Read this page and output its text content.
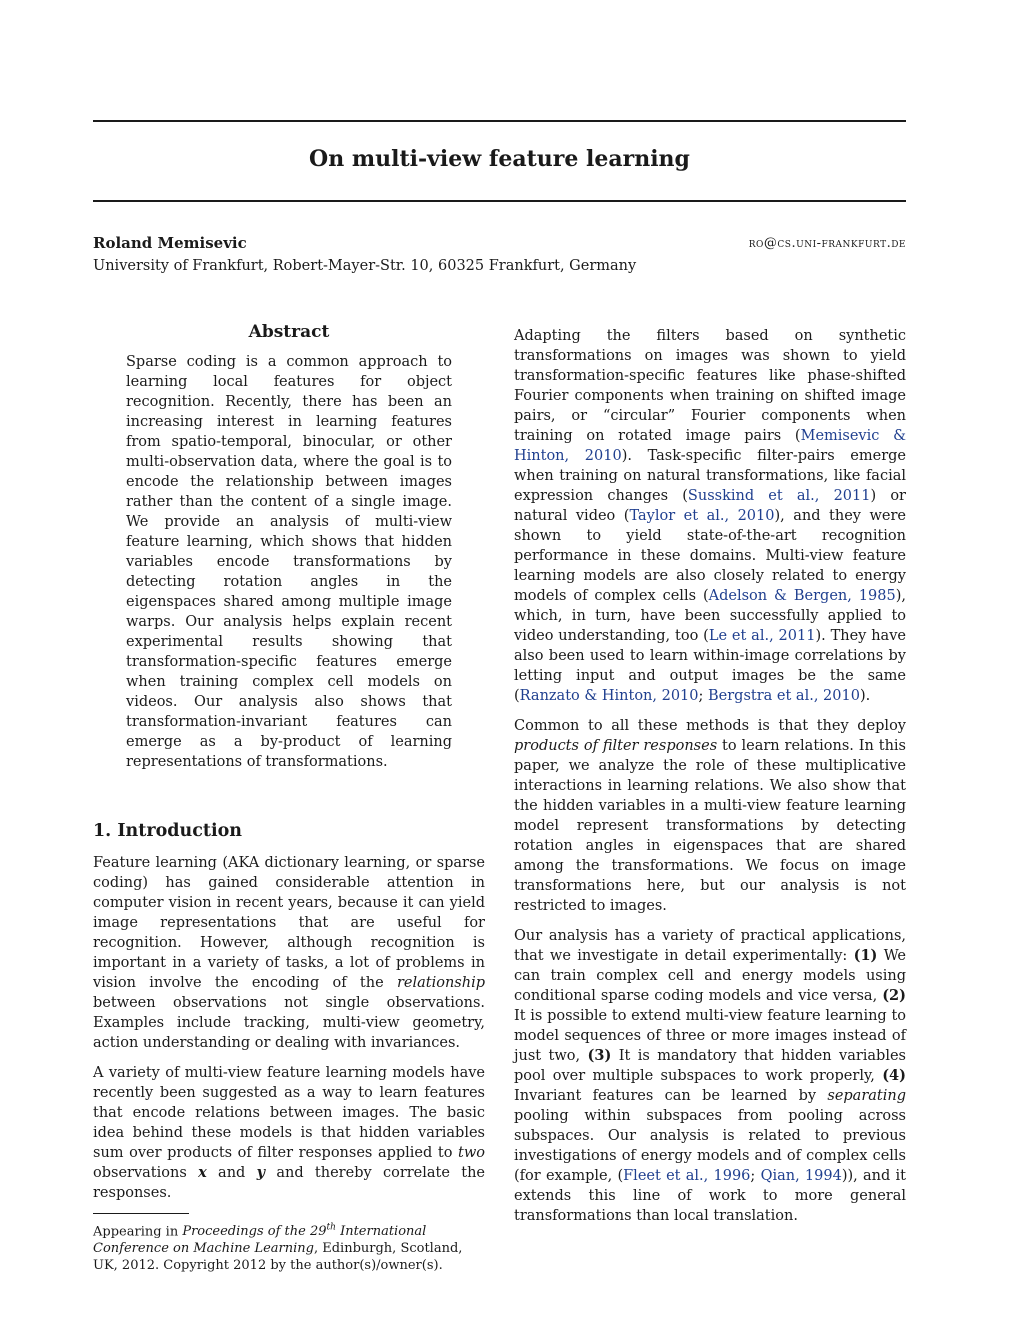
On multi-view feature learning
Roland Memisevic	ro@cs.uni-frankfurt.de
University of Frankfurt, Robert-Mayer-Str. 10, 60325 Frankfurt, Germany
Abstract
Sparse coding is a common approach to learning local features for object recognition. Recently, there has been an increasing interest in learning features from spatio-temporal, binocular, or other multi-observation data, where the goal is to encode the relationship between images rather than the content of a single image. We provide an analysis of multi-view feature learning, which shows that hidden variables encode transformations by detecting rotation angles in the eigenspaces shared among multiple image warps. Our analysis helps explain recent experimental results showing that transformation-specific features emerge when training complex cell models on videos. Our analysis also shows that transformation-invariant features can emerge as a by-product of learning representations of transformations.
1. Introduction

Feature learning (AKA dictionary learning, or sparse coding) has gained considerable attention in computer vision in recent years, because it can yield image representations that are useful for recognition. However, although recognition is important in a variety of tasks, a lot of problems in vision involve the encoding of the relationship between observations not single observations. Examples include tracking, multi-view geometry, action understanding or dealing with invariances.

A variety of multi-view feature learning models have recently been suggested as a way to learn features that encode relations between images. The basic idea behind these models is that hidden variables sum over products of filter responses applied to two observations x and y and thereby correlate the responses.

Appearing in Proceedings of the 29th International Conference on Machine Learning, Edinburgh, Scotland, UK, 2012. Copyright 2012 by the author(s)/owner(s).

Adapting the filters based on synthetic transformations on images was shown to yield transformation-specific features like phase-shifted Fourier components when training on shifted image pairs, or “circular” Fourier components when training on rotated image pairs (Memisevic & Hinton, 2010). Task-specific filter-pairs emerge when training on natural transformations, like facial expression changes (Susskind et al., 2011) or natural video (Taylor et al., 2010), and they were shown to yield state-of-the-art recognition performance in these domains. Multi-view feature learning models are also closely related to energy models of complex cells (Adelson & Bergen, 1985), which, in turn, have been successfully applied to video understanding, too (Le et al., 2011). They have also been used to learn within-image correlations by letting input and output images be the same (Ranzato & Hinton, 2010; Bergstra et al., 2010).

Common to all these methods is that they deploy products of filter responses to learn relations. In this paper, we analyze the role of these multiplicative interactions in learning relations. We also show that the hidden variables in a multi-view feature learning model represent transformations by detecting rotation angles in eigenspaces that are shared among the transformations. We focus on image transformations here, but our analysis is not restricted to images.

Our analysis has a variety of practical applications, that we investigate in detail experimentally: (1) We can train complex cell and energy models using conditional sparse coding models and vice versa, (2) It is possible to extend multi-view feature learning to model sequences of three or more images instead of just two, (3) It is mandatory that hidden variables pool over multiple subspaces to work properly, (4) Invariant features can be learned by separating pooling within subspaces from pooling across subspaces. Our analysis is related to previous investigations of energy models and of complex cells (for example, (Fleet et al., 1996; Qian, 1994)), and it extends this line of work to more general transformations than local translation.
